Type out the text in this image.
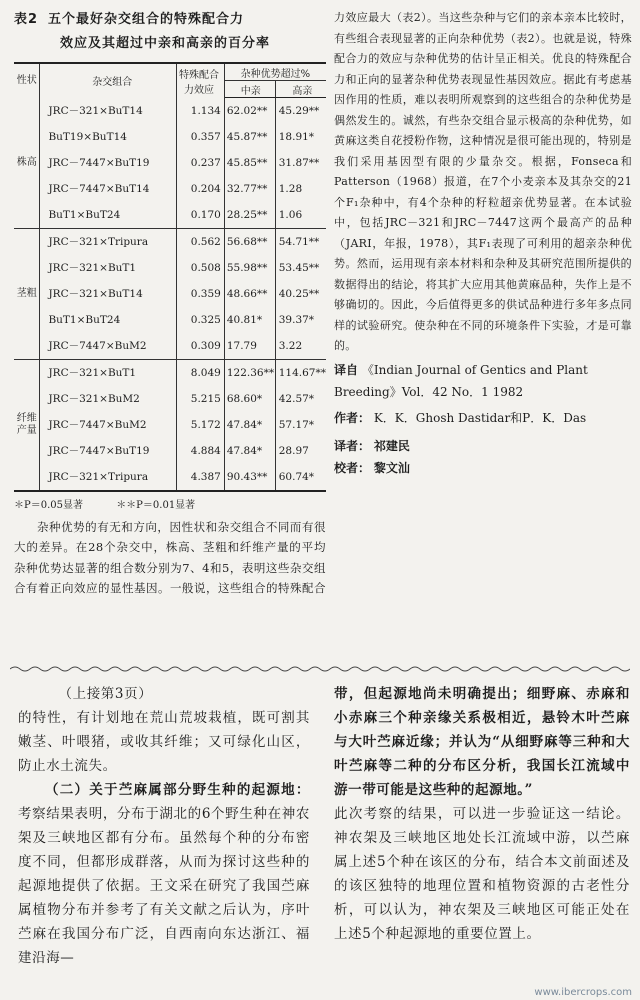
表2 五个最好杂交组合的特殊配合力
效应及其超过中亲和高亲的百分率
性状	杂交组合	特殊配合力效应	杂种优势超过%	
			中亲	高亲
株高	JRC－321×BuT14	1.134	62.02**	45.29**
	BuT19×BuT14	0.357	45.87**	18.91*
	JRC－7447×BuT19	0.237	45.85**	31.87**
	JRC－7447×BuT14	0.204	32.77**	1.28
	BuT1×BuT24	0.170	28.25**	1.06
茎粗	JRC－321×Tripura	0.562	56.68**	54.71**
	JRC－321×BuT1	0.508	55.98**	53.45**
	JRC－321×BuT14	0.359	48.66**	40.25**
	BuT1×BuT24	0.325	40.81*	39.37*
	JRC－7447×BuM2	0.309	17.79	3.22
纤维产量	JRC－321×BuT1	8.049	122.36**	114.67**
	JRC－321×BuM2	5.215	68.60*	42.57*
	JRC－7447×BuM2	5.172	47.84*	57.17*
	JRC－7447×BuT19	4.884	47.84*	28.97
	JRC－321×Tripura	4.387	90.43**	60.74*
＊P＝0.05显著	＊＊P＝0.01显著
杂种优势的有无和方向，因性状和杂交组合不同而有很大的差异。在28个杂交中，株高、茎粗和纤维产量的平均杂种优势达显著的组合数分别为7、4和5，表明这些杂交组合有着正向效应的显性基因。一般说，这些组合的特殊配合
力效应最大（表2）。当这些杂种与它们的亲本亲本比较时，有些组合表现显著的正向杂种优势（表2）。也就是说，特殊配合力的效应与杂种优势的估计呈正相关。优良的特殊配合力和正向的显著杂种优势表现显性基因效应。据此有考虑基因作用的性质，难以表明所观察到的这些组合的杂种优势是偶然发生的。诚然，有些杂交组合显示极高的杂种优势，如黄麻这类自花授粉作物，这种情况是很可能出现的，特别是我们采用基因型有限的少量杂交。根据，Fonseca和Patterson（1968）报道，在7个小麦亲本及其杂交的21个F₁杂种中，有4个杂种的籽粒超亲优势显著。在本试验中，包括JRC－321和JRC－7447这两个最高产的品种（JARI，年报，1978），其F₁表现了可利用的超亲杂种优势。然而，运用现有亲本材料和杂种及其研究范围所提供的数据得出的结论，将其扩大应用其他黄麻品种，失作上是不够确切的。因此，今后值得更多的供试品种进行多年多点同样的试验研究。使杂种在不同的环境条件下实验，才是可靠的。
译自 《Indian Journal of Gentics and Plant Breeding》Vol．42 No．1 1982
作者： K．K．Ghosh Dastidar和P．K．Das
译者： 祁建民
校者： 黎文汕
（上接第3页）
的特性，有计划地在荒山荒坡栽植，既可割其嫩茎、叶喂猪，或收其纤维；又可绿化山区，防止水土流失。
（二）关于苎麻属部分野生种的起源地：考察结果表明，分布于湖北的6个野生种在神农架及三峡地区都有分布。虽然每个种的分布密度不同，但都形成群落，从而为探讨这些种的起源地提供了依据。王文采在研究了我国苎麻属植物分布并参考了有关文献之后认为，序叶苎麻在我国分布广泛，自西南向东达浙江、福建沿海—
带，但起源地尚未明确提出；细野麻、赤麻和小赤麻三个种亲缘关系极相近，悬铃木叶苎麻与大叶苎麻近缘；并认为“从细野麻等三种和大叶苎麻等二种的分布区分析，我国长江流域中游一带可能是这些种的起源地。”
此次考察的结果，可以进一步验证这一结论。神农架及三峡地区地处长江流域中游，以苎麻属上述5个种在该区的分布，结合本文前面述及的该区独特的地理位置和植物资源的古老性分析，可以认为，神农架及三峡地区可能正处在上述5个种起源地的重要位置上。
www.ibercrops.com
